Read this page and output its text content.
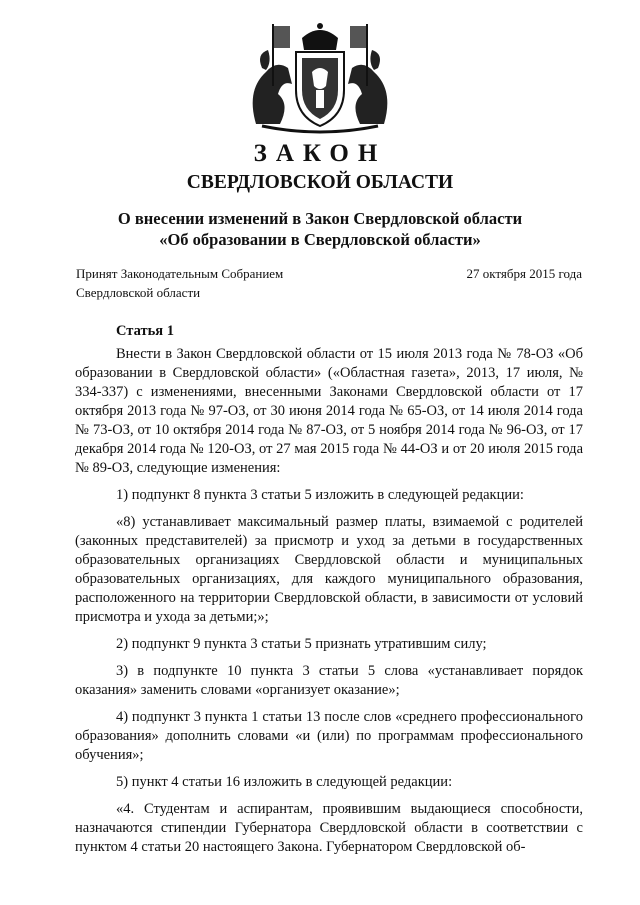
ЗАКОН
СВЕРДЛОВСКОЙ ОБЛАСТИ
О внесении изменений в Закон Свердловской области
«Об образовании в Свердловской области»
Принят Законодательным Собранием
Свердловской области
27 октября 2015 года
Статья 1

Внести в Закон Свердловской области от 15 июля 2013 года № 78-ОЗ «Об образовании в Свердловской области» («Областная газета», 2013, 17 июля, № 334-337) с изменениями, внесенными Законами Свердловской области от 17 октября 2013 года № 97-ОЗ, от 30 июня 2014 года № 65-ОЗ, от 14 июля 2014 года № 73-ОЗ, от 10 октября 2014 года № 87-ОЗ, от 5 ноября 2014 года № 96-ОЗ, от 17 декабря 2014 года № 120-ОЗ, от 27 мая 2015 года № 44-ОЗ и от 20 июля 2015 года № 89-ОЗ, следующие изменения:

1) подпункт 8 пункта 3 статьи 5 изложить в следующей редакции:

«8) устанавливает максимальный размер платы, взимаемой с родителей (законных представителей) за присмотр и уход за детьми в государственных образовательных организациях Свердловской области и муниципальных образовательных организациях, для каждого муниципального образования, расположенного на территории Свердловской области, в зависимости от условий присмотра и ухода за детьми;»;

2) подпункт 9 пункта 3 статьи 5 признать утратившим силу;

3) в подпункте 10 пункта 3 статьи 5 слова «устанавливает порядок оказания» заменить словами «организует оказание»;

4) подпункт 3 пункта 1 статьи 13 после слов «среднего профессионального образования» дополнить словами «и (или) по программам профессионального обучения»;

5) пункт 4 статьи 16 изложить в следующей редакции:

«4. Студентам и аспирантам, проявившим выдающиеся способности, назначаются стипендии Губернатора Свердловской области в соответствии с пунктом 4 статьи 20 настоящего Закона. Губернатором Свердловской об-
